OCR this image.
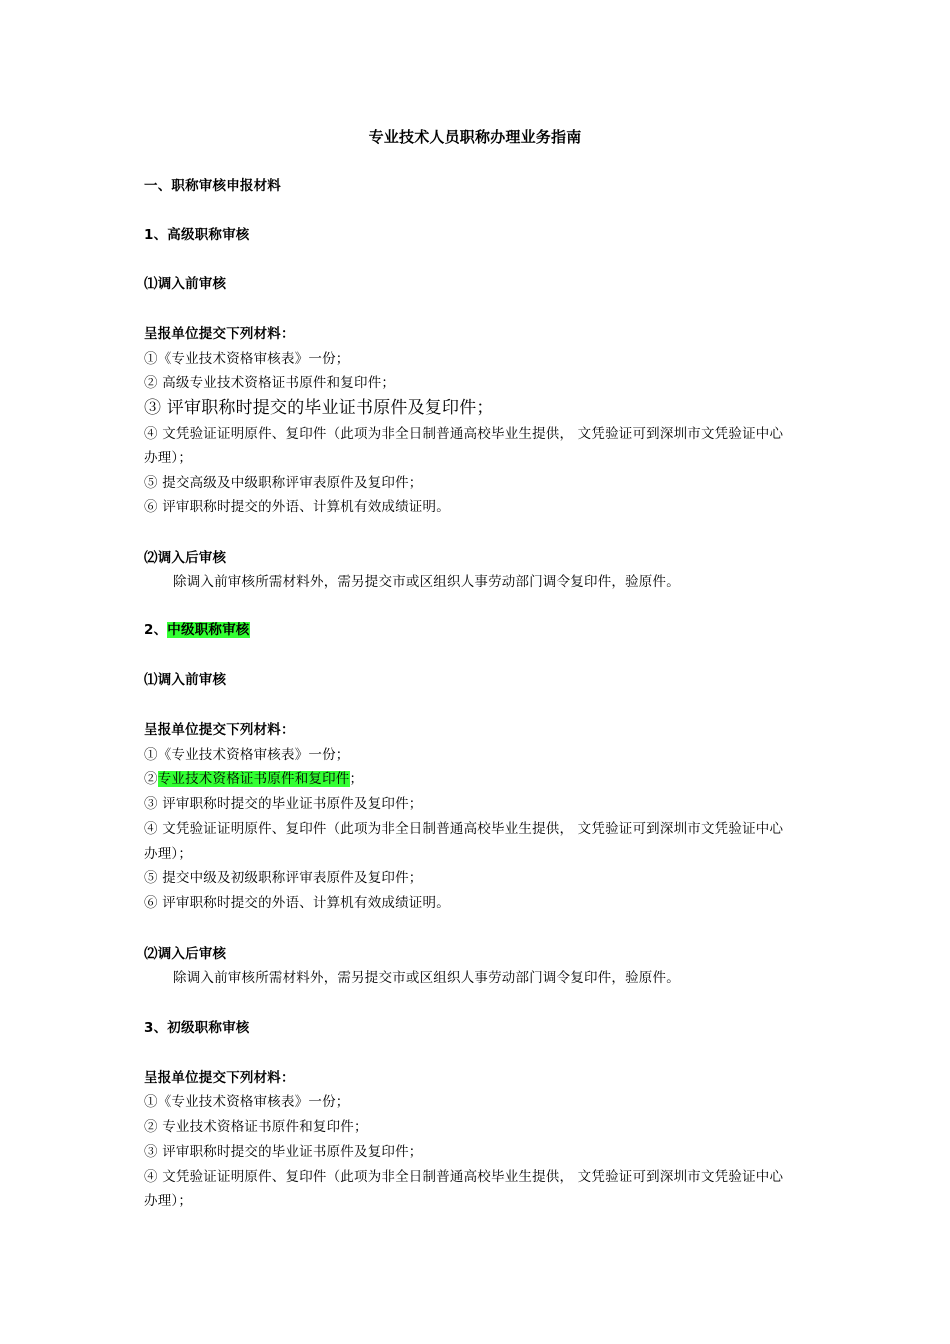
专业技术人员职称办理业务指南
一、职称审核申报材料
1、高级职称审核
⑴调入前审核
呈报单位提交下列材料：
①《专业技术资格审核表》一份；
② 高级专业技术资格证书原件和复印件；
③ 评审职称时提交的毕业证书原件及复印件；
④ 文凭验证证明原件、复印件（此项为非全日制普通高校毕业生提供， 文凭验证可到深圳市文凭验证中心
办理）；
⑤ 提交高级及中级职称评审表原件及复印件；
⑥ 评审职称时提交的外语、计算机有效成绩证明。
⑵调入后审核
除调入前审核所需材料外，需另提交市或区组织人事劳动部门调令复印件，验原件。
2、中级职称审核
⑴调入前审核
呈报单位提交下列材料：
①《专业技术资格审核表》一份；
②专业技术资格证书原件和复印件；
③ 评审职称时提交的毕业证书原件及复印件；
④ 文凭验证证明原件、复印件（此项为非全日制普通高校毕业生提供， 文凭验证可到深圳市文凭验证中心
办理）；
⑤ 提交中级及初级职称评审表原件及复印件；
⑥ 评审职称时提交的外语、计算机有效成绩证明。
⑵调入后审核
除调入前审核所需材料外，需另提交市或区组织人事劳动部门调令复印件，验原件。
3、初级职称审核
呈报单位提交下列材料：
①《专业技术资格审核表》一份；
② 专业技术资格证书原件和复印件；
③ 评审职称时提交的毕业证书原件及复印件；
④ 文凭验证证明原件、复印件（此项为非全日制普通高校毕业生提供， 文凭验证可到深圳市文凭验证中心
办理）；
